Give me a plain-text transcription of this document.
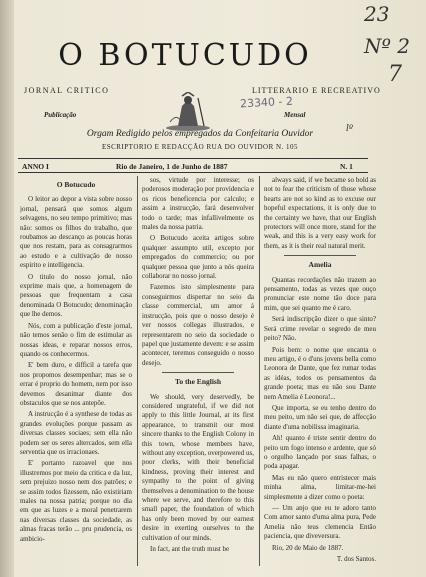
23
Nº 2
7
23340 - 2
lº
O BOTUCUDO
JORNAL CRITICO	LITTERARIO E RECREATIVO
Publicação	Mensal
Orgam Redigido pelos empregados da Confeitaria Ouvidor
ESCRIPTORIO E REDACÇÃO RUA DO OUVIDOR N. 105
ANNO I	Rio de Janeiro, 1 de Junho de 1887	N. 1
O Botucudo

O leitor ao depor a vista sobre nosso jornal, pensará que somos algum selvagens, no seu tempo primitivo; mas não: somos os filhos do trabalho, que roubamos ao descanço as poucas horas que nos restam, para as consagrarmos ao estudo e a cultivação de nosso espirito e intelligencia.

O titulo do nosso jornal, não exprime mais que, a homenagem de pessoas que frequentam a casa denominada O Botucudo; denominação que lhe demos.

Nós, com a publicação d'este jornal, não temos senão o fim de estimular as nossas ideas, e reparar nossos erros, quando os conhecermos.

E' bem duro, e difficil a tarefa que nos propomos desempenhar; mas se o errar é proprio do homem, nem por isso devemos desanimar diante dos obstaculos que se nos antepõe.

A instrucção é a synthese de todas as grandes evoluções porque passam as diversas classes sociaes; sem ella não podem ser os seres altercados, sem ella serventia que os irracionaes.

E' portanto razoavel que nos illustremos por meio da critica e da luz, sem prejuizo nosso nem dos patrões; e se assim todos fizessem, não existiriam males na nossa patria; porque no dia em que as luzes e a moral penetrarem nas diversas classes da sociedade, as almas fracas terão ... pru prudencia, os ambicio-

sos, virtude por interesse; os poderosos moderação por providencia e os ricos beneficencia por calculo; e assim a instrucção, fará desenvolver todo o tarde; mas infallivelmente os males da nossa patria.

O Botucudo aceita artigos sobre qualquer assumpto util, excepto por empregados do commercio; ou por qualquer pessoa que junto a nós queira collaborar no nosso jornal.

Fazemos isto simplesmente para conseguirmos dispertar no seio da classe commercial, um amor á instrucção, pois que o nosso desejo é ver nossos collegas illustrados, e representarem no seio da sociedade o papel que justamente devem: e se assim acontecer, teremos conseguido o nosso desejo.

To the English

We should, very deservedly, be considered ungrateful, if we did not apply to this little Journal, at its first appearance, to transmit our most sincere thanks to the English Colony in this town, whose members have, without any exception, overpowered us, poor clerks, with their beneficial kindness, proving their interest and sympathy to the point of giving themselves a denomination to the house where we serve, and therefore to this small paper, the foundation of which has only been moved by our earnest desire in exerting ourselves to the cultivation of our minds.

In fact, ant the truth must be

always said, if we became so bold as not to fear the criticism of those whose hearts are not so kind as to excuse our hopeful expectations, it is only due to the certainty we have, that our English protectors will once more, stand for the weak, and this is a very easy work for them, as it is their real natural merit.

Amelia

Quantas recordações não trazem ao pensamento, todas as vezes que ouço pronunciar este nome tão doce para mim, que sei quanto me é caro.

Será indiscripção dizer o que sinto? Será crime revelar o segredo de meu peito? Não.

Pois bem: o nome que encanta o meu artigo, é o d'uns jovens bella como Leonora de Dante, que fez rumar todas as idéas, todos os pensamentos da grande poeta; mas eu não sou Dante nem Amelia é Leonora!...

Que importa, se eu tenho dentro do meu peito, um não sei que, de affecção diante d'uma nobilissa imaginaria.

Ah! quanto é triste sentir dentro do peito um fogo intenso e ardente, que só o orgulho lançado por suas falhas, o poda apagar.

Mas eu não quero entristecer mais minha alma, limitar-me-hei simplesmente a dizer como o poeta:

— Um anjo que eu te adoro tanto Com amor santo d'uma alma pura, Pede Amelia não teus clemencia Então paciencia, que diveversura.

Rio, 20 de Maio de 1887.

T. dos Santos.
